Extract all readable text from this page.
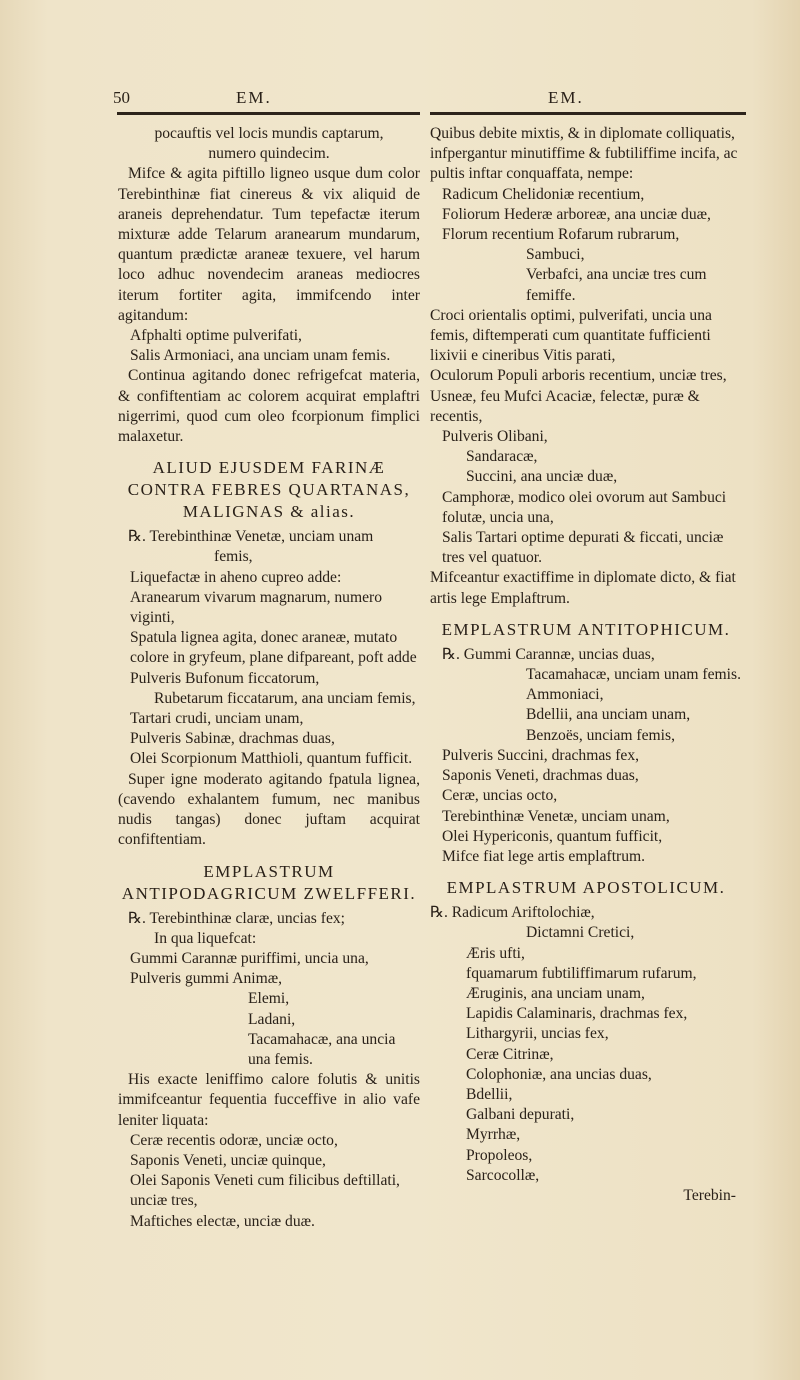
50	EM.	EM.

pocauftis vel locis mundis captarum,

numero quindecim.

Mifce & agita piftillo ligneo usque dum color Terebinthinæ fiat cinereus & vix aliquid de araneis deprehendatur. Tum tepefactæ iterum mixturæ adde Telarum aranearum mundarum, quantum prædictæ araneæ texuere, vel harum loco adhuc novendecim araneas mediocres iterum fortiter agita, immifcendo inter agitandum:

Afphalti optime pulverifati,

Salis Armoniaci, ana unciam unam femis.

Continua agitando donec refrigefcat materia, & confiftentiam ac colorem acquirat emplaftri nigerrimi, quod cum oleo fcorpionum fimplici malaxetur.

ALIUD EJUSDEM FARINÆ CONTRA FEBRES QUARTANAS, MALIGNAS & alias.

℞. Terebinthinæ Venetæ, unciam unam

femis,

Liquefactæ in aheno cupreo adde:

Aranearum vivarum magnarum, numero viginti,

Spatula lignea agita, donec araneæ, mutato colore in gryfeum, plane difpareant, poft adde

Pulveris Bufonum ficcatorum,

Rubetarum ficcatarum, ana unciam femis,

Tartari crudi, unciam unam,

Pulveris Sabinæ, drachmas duas,

Olei Scorpionum Matthioli, quantum fufficit.

Super igne moderato agitando fpatula lignea, (cavendo exhalantem fumum, nec manibus nudis tangas) donec juftam acquirat confiftentiam.

EMPLASTRUM ANTIPODAGRICUM ZWELFFERI.

℞. Terebinthinæ claræ, uncias fex;

In qua liquefcat:

Gummi Carannæ puriffimi, uncia una,

Pulveris gummi Animæ,

Elemi,

Ladani,

Tacamahacæ, ana uncia una femis.

His exacte leniffimo calore folutis & unitis immifceantur fequentia fucceffive in alio vafe leniter liquata:

Ceræ recentis odoræ, unciæ octo,

Saponis Veneti, unciæ quinque,

Olei Saponis Veneti cum filicibus deftillati, unciæ tres,

Maftiches electæ, unciæ duæ.

Quibus debite mixtis, & in diplomate colliquatis, infpergantur minutiffime & fubtiliffime incifa, ac pultis inftar conquaffata, nempe:

Radicum Chelidoniæ recentium,

Foliorum Hederæ arboreæ, ana unciæ duæ,

Florum recentium Rofarum rubrarum,

Sambuci,

Verbafci, ana unciæ tres cum femiffe.

Croci orientalis optimi, pulverifati, uncia una femis, diftemperati cum quantitate fufficienti lixivii e cineribus Vitis parati,

Oculorum Populi arboris recentium, unciæ tres,

Usneæ, feu Mufci Acaciæ, felectæ, puræ & recentis,

Pulveris Olibani,

Sandaracæ,

Succini, ana unciæ duæ,

Camphoræ, modico olei ovorum aut Sambuci folutæ, uncia una,

Salis Tartari optime depurati & ficcati, unciæ tres vel quatuor.

Mifceantur exactiffime in diplomate dicto, & fiat artis lege Emplaftrum.

EMPLASTRUM ANTITOPHICUM.

℞. Gummi Carannæ, uncias duas,

Tacamahacæ, unciam unam femis.

Ammoniaci,

Bdellii, ana unciam unam,

Benzoës, unciam femis,

Pulveris Succini, drachmas fex,

Saponis Veneti, drachmas duas,

Ceræ, uncias octo,

Terebinthinæ Venetæ, unciam unam,

Olei Hypericonis, quantum fufficit,

Mifce fiat lege artis emplaftrum.

EMPLASTRUM APOSTOLICUM.

℞. Radicum Ariftolochiæ,

Dictamni Cretici,

Æris ufti,

fquamarum fubtiliffimarum rufarum,

Æruginis, ana unciam unam,

Lapidis Calaminaris, drachmas fex,

Lithargyrii, uncias fex,

Ceræ Citrinæ,

Colophoniæ, ana uncias duas,

Bdellii,

Galbani depurati,

Myrrhæ,

Propoleos,

Sarcocollæ,

Terebin-
